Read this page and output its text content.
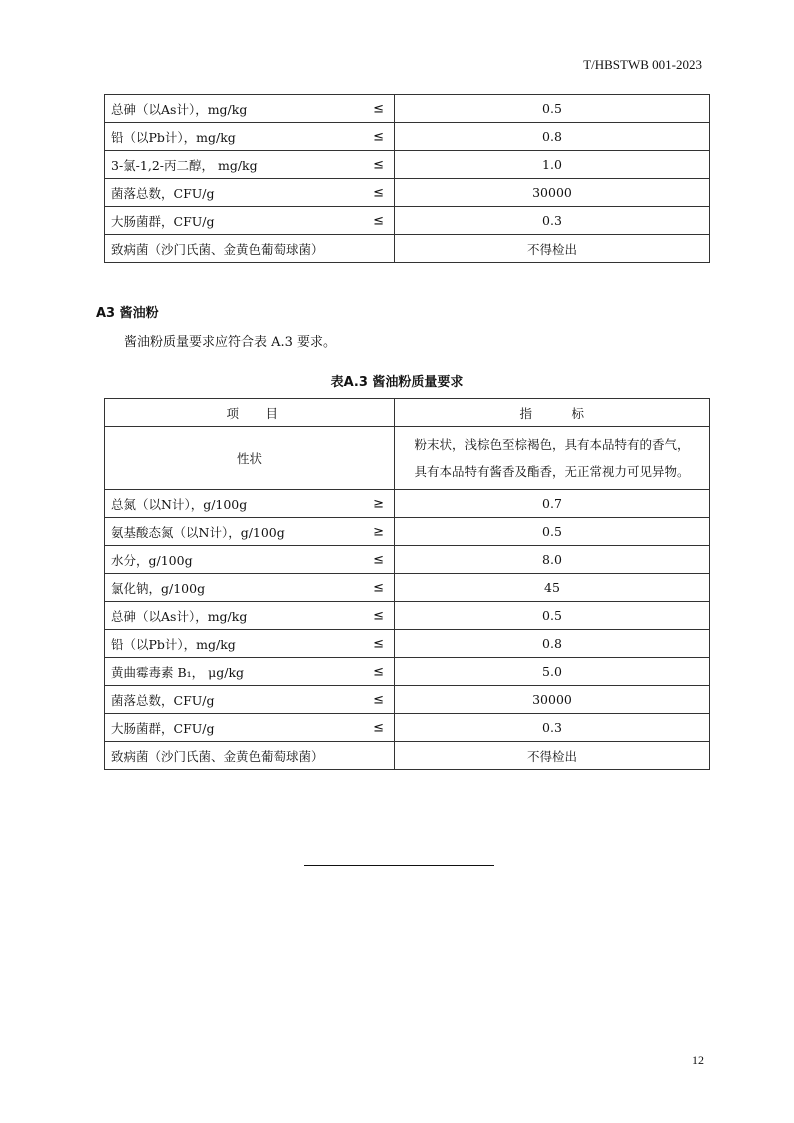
T/HBSTWB 001-2023
总砷（以As计），mg/kg ≤	0.5
铅（以Pb计），mg/kg ≤	0.8
3-氯-1,2-丙二醇， mg/kg ≤	1.0
菌落总数，CFU/g ≤	30000
大肠菌群，CFU/g ≤	0.3
致病菌（沙门氏菌、金黄色葡萄球菌）	不得检出
A3 酱油粉
酱油粉质量要求应符合表 A.3 要求。
表A.3 酱油粉质量要求
项　　目	指　　　标
性状	粉末状，浅棕色至棕褐色，具有本品特有的香气，具有本品特有酱香及酯香，无正常视力可见异物。
总氮（以N计），g/100g ≥	0.7
氨基酸态氮（以N计），g/100g ≥	0.5
水分，g/100g ≤	8.0
氯化钠，g/100g ≤	45
总砷（以As计），mg/kg ≤	0.5
铅（以Pb计），mg/kg ≤	0.8
黄曲霉毒素 B₁， μg/kg ≤	5.0
菌落总数，CFU/g ≤	30000
大肠菌群，CFU/g ≤	0.3
致病菌（沙门氏菌、金黄色葡萄球菌）	不得检出
12
